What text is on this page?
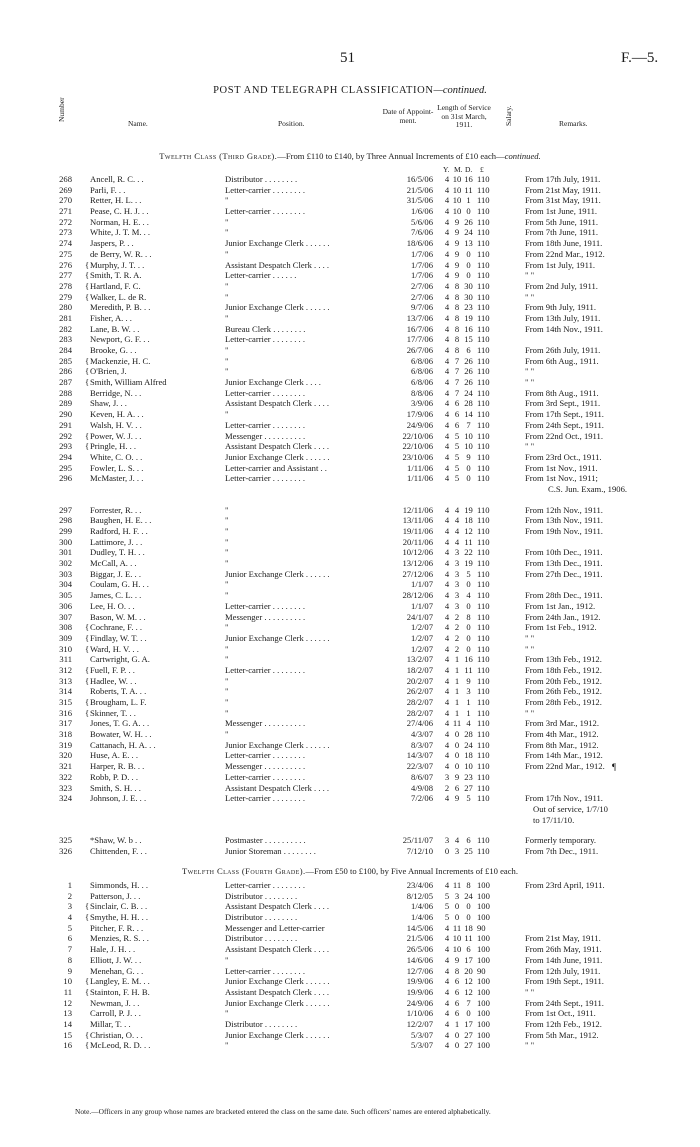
51	F.—5.
POST AND TELEGRAPH CLASSIFICATION—continued.
Number
Name.	Position.
Date of Appoint- ment.
Length of Service on 31st March, 1911.	Salary.	Remarks.
Twelfth Class (Third Grade).—From £110 to £140, by Three Annual Increments of £10 each—continued.
Y. M. D. £
268 Ancell, R. C. . .	Distributor . . . . . . . .	16/5/06 4 10 16 110	From 17th July, 1911.
269 Parli, F. . .	Letter-carrier . . . . . . . .	21/5/06 4 10 11 110	From 21st May, 1911.
270 Retter, H. L. . .	"	31/5/06 4 10 1 110	From 31st May, 1911.
271 Pease, C. H. J. . .	Letter-carrier . . . . . . . .	1/6/06 4 10 0 110	From 1st June, 1911.
272 Norman, H. E. . .	"	5/6/06 4 9 26 110	From 5th June, 1911.
273 White, J. T. M. . .	"	7/6/06 4 9 24 110	From 7th June, 1911.
274 Jaspers, P. . .	Junior Exchange Clerk . . . . . .	18/6/06 4 9 13 110	From 18th June, 1911.
275 de Berry, W. R. . .	"	1/7/06 4 9 0 110	From 22nd Mar., 1912.
276 { Murphy, J. T. . .	Assistant Despatch Clerk . . . .	1/7/06 4 9 0 110	From 1st July, 1911.
277 { Smith, T. R. A.	Letter-carrier . . . . . .	1/7/06 4 9 0 110	" "
278 { Hartland, F. C.	"	2/7/06 4 8 30 110	From 2nd July, 1911.
279 { Walker, L. de R.	"	2/7/06 4 8 30 110	" "
280 Meredith, P. B. . .	Junior Exchange Clerk . . . . . .	9/7/06 4 8 23 110	From 9th July, 1911.
281 Fisher, A. . .	"	13/7/06 4 8 19 110	From 13th July, 1911.
282 Lane, B. W. . .	Bureau Clerk . . . . . . . .	16/7/06 4 8 16 110	From 14th Nov., 1911.
283 Newport, G. F. . .	Letter-carrier . . . . . . . .	17/7/06 4 8 15 110
284 Brooke, G. . .	"	26/7/06 4 8 6 110	From 26th July, 1911.
285 { Mackenzie, H. C.	"	6/8/06 4 7 26 110	From 6th Aug., 1911.
286 { O'Brien, J.	"	6/8/06 4 7 26 110	" "
287 { Smith, William Alfred	Junior Exchange Clerk . . . .	6/8/06 4 7 26 110	" "
288 Berridge, N. . .	Letter-carrier . . . . . . . .	8/8/06 4 7 24 110	From 8th Aug., 1911.
289 Shaw, J. . .	Assistant Despatch Clerk . . . .	3/9/06 4 6 28 110	From 3rd Sept., 1911.
290 Keven, H. A. . .	"	17/9/06 4 6 14 110	From 17th Sept., 1911.
291 Walsh, H. V. . .	Letter-carrier . . . . . . . .	24/9/06 4 6 7 110	From 24th Sept., 1911.
292 { Power, W. J. . .	Messenger . . . . . . . . . .	22/10/06 4 5 10 110	From 22nd Oct., 1911.
293 { Pringle, H. . .	Assistant Despatch Clerk . . . .	22/10/06 4 5 10 110	" "
294 White, C. O. . .	Junior Exchange Clerk . . . . . .	23/10/06 4 5 9 110	From 23rd Oct., 1911.
295 Fowler, L. S. . .	Letter-carrier and Assistant . .	1/11/06 4 5 0 110	From 1st Nov., 1911.
296 McMaster, J. . .	Letter-carrier . . . . . . . .	1/11/06 4 5 0 110	From 1st Nov., 1911;
C.S. Jun. Exam., 1906.
297 Forrester, R. . .	"	12/11/06 4 4 19 110	From 12th Nov., 1911.
298 Baughen, H. E. . .	"	13/11/06 4 4 18 110	From 13th Nov., 1911.
299 Radford, H. F. . .	"	19/11/06 4 4 12 110	From 19th Nov., 1911.
300 Lattimore, J. . .	"	20/11/06 4 4 11 110
301 Dudley, T. H. . .	"	10/12/06 4 3 22 110	From 10th Dec., 1911.
302 McCall, A. . .	"	13/12/06 4 3 19 110	From 13th Dec., 1911.
303 Biggar, J. E. . .	Junior Exchange Clerk . . . . . .	27/12/06 4 3 5 110	From 27th Dec., 1911.
304 Coulam, G. H. . .	"	1/1/07 4 3 0 110
305 James, C. L. . .	"	28/12/06 4 3 4 110	From 28th Dec., 1911.
306 Lee, H. O. . .	Letter-carrier . . . . . . . .	1/1/07 4 3 0 110	From 1st Jan., 1912.
307 Bason, W. M. . .	Messenger . . . . . . . . . .	24/1/07 4 2 8 110	From 24th Jan., 1912.
308 { Cochrane, F. . .	"	1/2/07 4 2 0 110	From 1st Feb., 1912.
309 { Findlay, W. T. . .	Junior Exchange Clerk . . . . . .	1/2/07 4 2 0 110	" "
310 { Ward, H. V. . .	"	1/2/07 4 2 0 110	" "
311 Cartwright, G. A.	"	13/2/07 4 1 16 110	From 13th Feb., 1912.
312 { Fuell, F. P. . .	Letter-carrier . . . . . . . .	18/2/07 4 1 11 110	From 18th Feb., 1912.
313 { Hadlee, W. . .	"	20/2/07 4 1 9 110	From 20th Feb., 1912.
314 Roberts, T. A. . .	"	26/2/07 4 1 3 110	From 26th Feb., 1912.
315 { Brougham, L. F.	"	28/2/07 4 1 1 110	From 28th Feb., 1912.
316 { Skinner, T. . .	"	28/2/07 4 1 1 110	" "
317 Jones, T. G. A. . .	Messenger . . . . . . . . . .	27/4/06 4 11 4 110	From 3rd Mar., 1912.
318 Bowater, W. H. . .	"	4/3/07 4 0 28 110	From 4th Mar., 1912.
319 Cattanach, H. A. . .	Junior Exchange Clerk . . . . . .	8/3/07 4 0 24 110	From 8th Mar., 1912.
320 Huse, A. E. . .	Letter-carrier . . . . . . . .	14/3/07 4 0 18 110	From 14th Mar., 1912.
321 Harper, R. B. . .	Messenger . . . . . . . . . .	22/3/07 4 0 10 110	From 22nd Mar., 1912.
322 Robb, P. D. . .	Letter-carrier . . . . . . . .	8/6/07 3 9 23 110
323 Smith, S. H. . .	Assistant Despatch Clerk . . . .	4/9/08 2 6 27 110
324 Johnson, J. E. . .	Letter-carrier . . . . . . . .	7/2/06 4 9 5 110	From 17th Nov., 1911.
Out of service, 1/7/10
to 17/11/10.
325 *Shaw, W. b . .	Postmaster . . . . . . . . . .	25/11/07 3 4 6 110	Formerly temporary.
326 Chittenden, F. . .	Junior Storeman . . . . . . . .	7/12/10 0 3 25 110	From 7th Dec., 1911.
Twelfth Class (Fourth Grade).—From £50 to £100, by Five Annual Increments of £10 each.
1 Simmonds, H. . .	Letter-carrier . . . . . . . .	23/4/06 4 11 8 100	From 23rd April, 1911.
2 Patterson, J. . .	Distributor . . . . . . . .	8/12/05 5 3 24 100
3 { Sinclair, C. B. . .	Assistant Despatch Clerk . . . .	1/4/06 5 0 0 100
4 { Smythe, H. H. . .	Distributor . . . . . . . .	1/4/06 5 0 0 100
5 Pitcher, F. R. . .	Messenger and Letter-carrier	14/5/06 4 11 18 90
6 Menzies, R. S. . .	Distributor . . . . . . . .	21/5/06 4 10 11 100	From 21st May, 1911.
7 Hale, J. H. . .	Assistant Despatch Clerk . . . .	26/5/06 4 10 6 100	From 26th May, 1911.
8 Elliott, J. W. . .	"	14/6/06 4 9 17 100	From 14th June, 1911.
9 Menehan, G. . .	Letter-carrier . . . . . . . .	12/7/06 4 8 20 90	From 12th July, 1911.
10 { Langley, E. M. . .	Junior Exchange Clerk . . . . . .	19/9/06 4 6 12 100	From 19th Sept., 1911.
11 { Stainton, F. H. B.	Assistant Despatch Clerk . . . .	19/9/06 4 6 12 100	" "
12 Newman, J. . .	Junior Exchange Clerk . . . . . .	24/9/06 4 6 7 100	From 24th Sept., 1911.
13 Carroll, P. J. . .	"	1/10/06 4 6 0 100	From 1st Oct., 1911.
14 Millar, T. . .	Distributor . . . . . . . .	12/2/07 4 1 17 100	From 12th Feb., 1912.
15 { Christian, O. . .	Junior Exchange Clerk . . . . . .	5/3/07 4 0 27 100	From 5th Mar., 1912.
16 { McLeod, R. D. . .	"	5/3/07 4 0 27 100	" "
Note.—Officers in any group whose names are bracketed entered the class on the same date. Such officers' names are entered alphabetically.
¶
